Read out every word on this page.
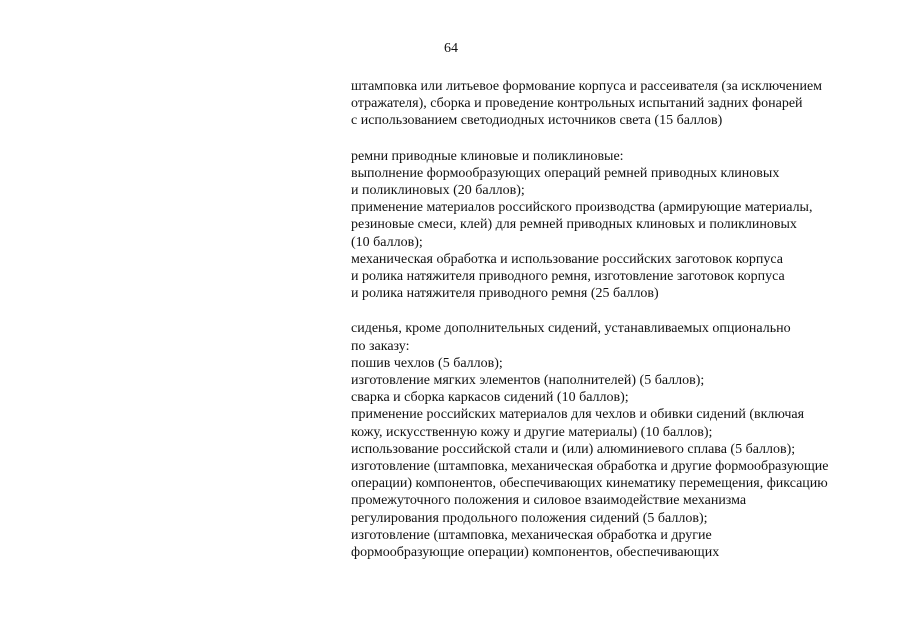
64
штамповка или литьевое формование корпуса и рассеивателя (за исключением
отражателя), сборка и проведение контрольных испытаний задних фонарей
с использованием светодиодных источников света (15 баллов)
ремни приводные клиновые и поликлиновые:
выполнение формообразующих операций ремней приводных клиновых
и поликлиновых (20 баллов);
применение материалов российского производства (армирующие материалы,
резиновые смеси, клей) для ремней приводных клиновых и поликлиновых
(10 баллов);
механическая обработка и использование российских заготовок корпуса
и ролика натяжителя приводного ремня, изготовление заготовок корпуса
и ролика натяжителя приводного ремня (25 баллов)
сиденья, кроме дополнительных сидений, устанавливаемых опционально
по заказу:
пошив чехлов (5 баллов);
изготовление мягких элементов (наполнителей) (5 баллов);
сварка и сборка каркасов сидений (10 баллов);
применение российских материалов для чехлов и обивки сидений (включая
кожу, искусственную кожу и другие материалы) (10 баллов);
использование российской стали и (или) алюминиевого сплава (5 баллов);
изготовление (штамповка, механическая обработка и другие формообразующие
операции) компонентов, обеспечивающих кинематику перемещения, фиксацию
промежуточного положения и силовое взаимодействие механизма
регулирования продольного положения сидений (5 баллов);
изготовление (штамповка, механическая обработка и другие
формообразующие операции) компонентов, обеспечивающих
